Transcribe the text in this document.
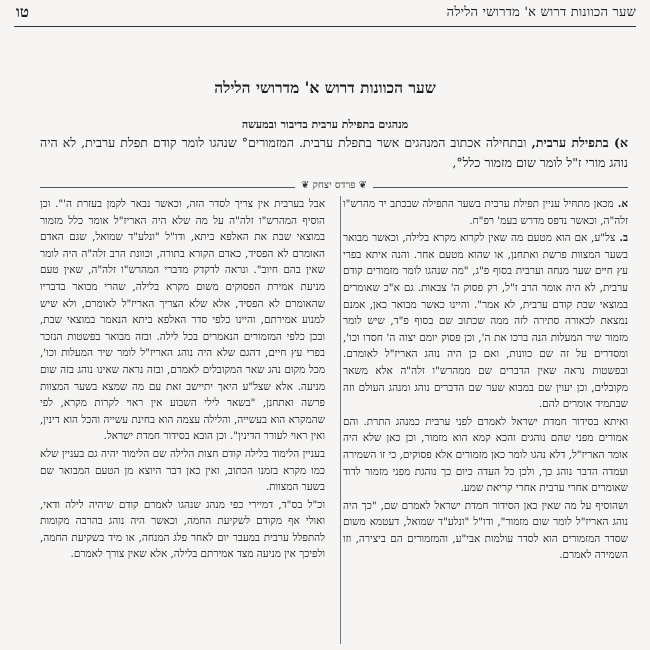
שער הכוונות דרוש א' מדרושי הלילה
טו
שער הכוונות דרוש א' מדרושי הלילה
מנהגים בתפילת ערבית בדיבור ובמעשה
א) בתפילת ערבית, ובתחילה אכתוב המנהגים אשר בתפלת ערבית. המזמורים° שנהגו לומר קודם תפלת ערבית, לא היה נוהג מורי ז"ל לומר שום מזמור כלל°,
❦ פרדס יצחק ❦

א.מכאן מתחיל עניין תפילת ערבית בשער התפילה שבכתב יד מהרש"ו זלה"ה, וכאשר נדפס מדרש בעמ' רפ"ח.

ב.צל"ע, אם הוא מטעם מה שאין לקרוא מקרא בלילה, וכאשר מבואר בשער המצוות פרשת ואתחנן, או שהוא מטעם אחר. והנה איתא בפרי עץ חיים שער מנחה וערבית בסוף פ"ג, "מה שנהגו לומר מזמורים קודם ערבית, לא היה אומר הרב ז"ל, רק פסוק ה' צבאות. גם א"כ שאומרים במוצאי שבת קודם ערבית, לא אמר". והיינו כאשר מבואר כאן, אמנם נמצאת לכאורה סתירה לזה ממה שכתוב שם בסוף פ"ד, שיש לומר מזמור שיר המעלות הנה ברכו את ה', וכן פסוק יומם יצוה ה' חסדו וכו', ומסדרים על זה שם כוונות, ואם כן היה נוהג האריז"ל לאומרם. ובפשטות נראה שאין הדברים שם ממהרש"ו זלה"ה אלא משאר מקובלים, וכן יעוין שם במבוא שער שם הדברים נוהג ומנהג העולם וזה שבתמיד אומרים להם.

ואיתא בסידור חמדת ישראל לאמרם לפני ערבית כמנהג התרת. והם אמורים מפני שהם נוהגים והכא קמא הוא מזמור, וכן כאן שלא היה אומר האריז"ל, דלא נהגו לומר כאן מזמורים אלא פסוקים, כי זו השמירה ועמדה הדבר נוהג כך, ולכן כל העדה כיום כך נוהגת מפני מזמור לדוד שאומרים אחרי ערבית אחרי קריאת שמע.

ושהוסיף על מה שאין כאן הסידור חמדת ישראל לאמרם שם, "כך היה נוהג האריז"ל לומר שום מזמור", ודו"ל "ונלע"ד שמואל, דעטמא משום שסדר המזמורים הוא לסדר עולמות אבי"ע, והמזמורים הם ביצירה, וזו השמירה לאמרם.

אבל בערבית אין צריך לסדר הזה, וכאשר נבאר לקמן בעזרת ה'". וכן הוסיף המהרש"ו זלה"ה על מה שלא היה האריז"ל אומר כלל מזמור במוצאי שבת את האלפא ביתא, ודו"ל "ונלע"ד שמואל, שגם האדם האומרם לא הפסיד, כאדם הקורא בתורה, וכוונת הרב זלה"ה היה לומר שאין בהם חיוב". ונראה לדקדק מדברי המהרש"ו זלה"ה, שאין טעם מניעת אמירת הפסוקים משום מקרא בלילה, שהרי מבואר בדבריו שהאומרם לא הפסיד, אלא שלא הצריך האריז"ל לאומרם, ולא שיש למנוע אמירתם, והיינו כלפי סדר האלפא ביתא הנאמר במוצאי שבת, ובכן כלפי המזמורים הנאמרים בכל לילה. ובזה מבואר בפשטות הנזכר בפרי עץ חיים, דהגם שלא היה נוהג האריז"ל לומר שיר המעלות וכו', מכל מקום נהג שאר המקובלים לאמרם, ובזה נראה שאינו נוהג בזה שום מניעה. אלא שצל"ע היאך יתיישב זאת עם מה שמצא בשער המצוות פרשה ואתחנן, "בשאר לילי השבוע אין ראוי לקרות מקרא, לפי שהמקרא הוא בעשייה, והלילה עצמה הוא בחינת עשייה והכל הוא דינין, ואין ראוי לעורר הדינין". וכן הובא בסידור חמדת ישראל.

בעניין הלימוד בלילה קודם חצות הלילה שם הלימוד יהיה גם בעניין שלא כמו מקרא בזמנו הכתוב, ואין כאן דבר היוצא מן הטעם המבואר שם בשער המצוות.

וכ"ל בס"ד, דמיירי כפי מנהג שנהגו לאמרם קודם שיהיה לילה ודאי, ואולי אף מקודם לשקיעת החמה, וכאשר היה נוהג בהרבה מקומות להתפלל ערבית במעבר יום לאחר פלג המנחה, או מיד בשקיעת החמה, ולפיכך אין מניעה מצד אמירתם בלילה, אלא שאין צורך לאמרם.
